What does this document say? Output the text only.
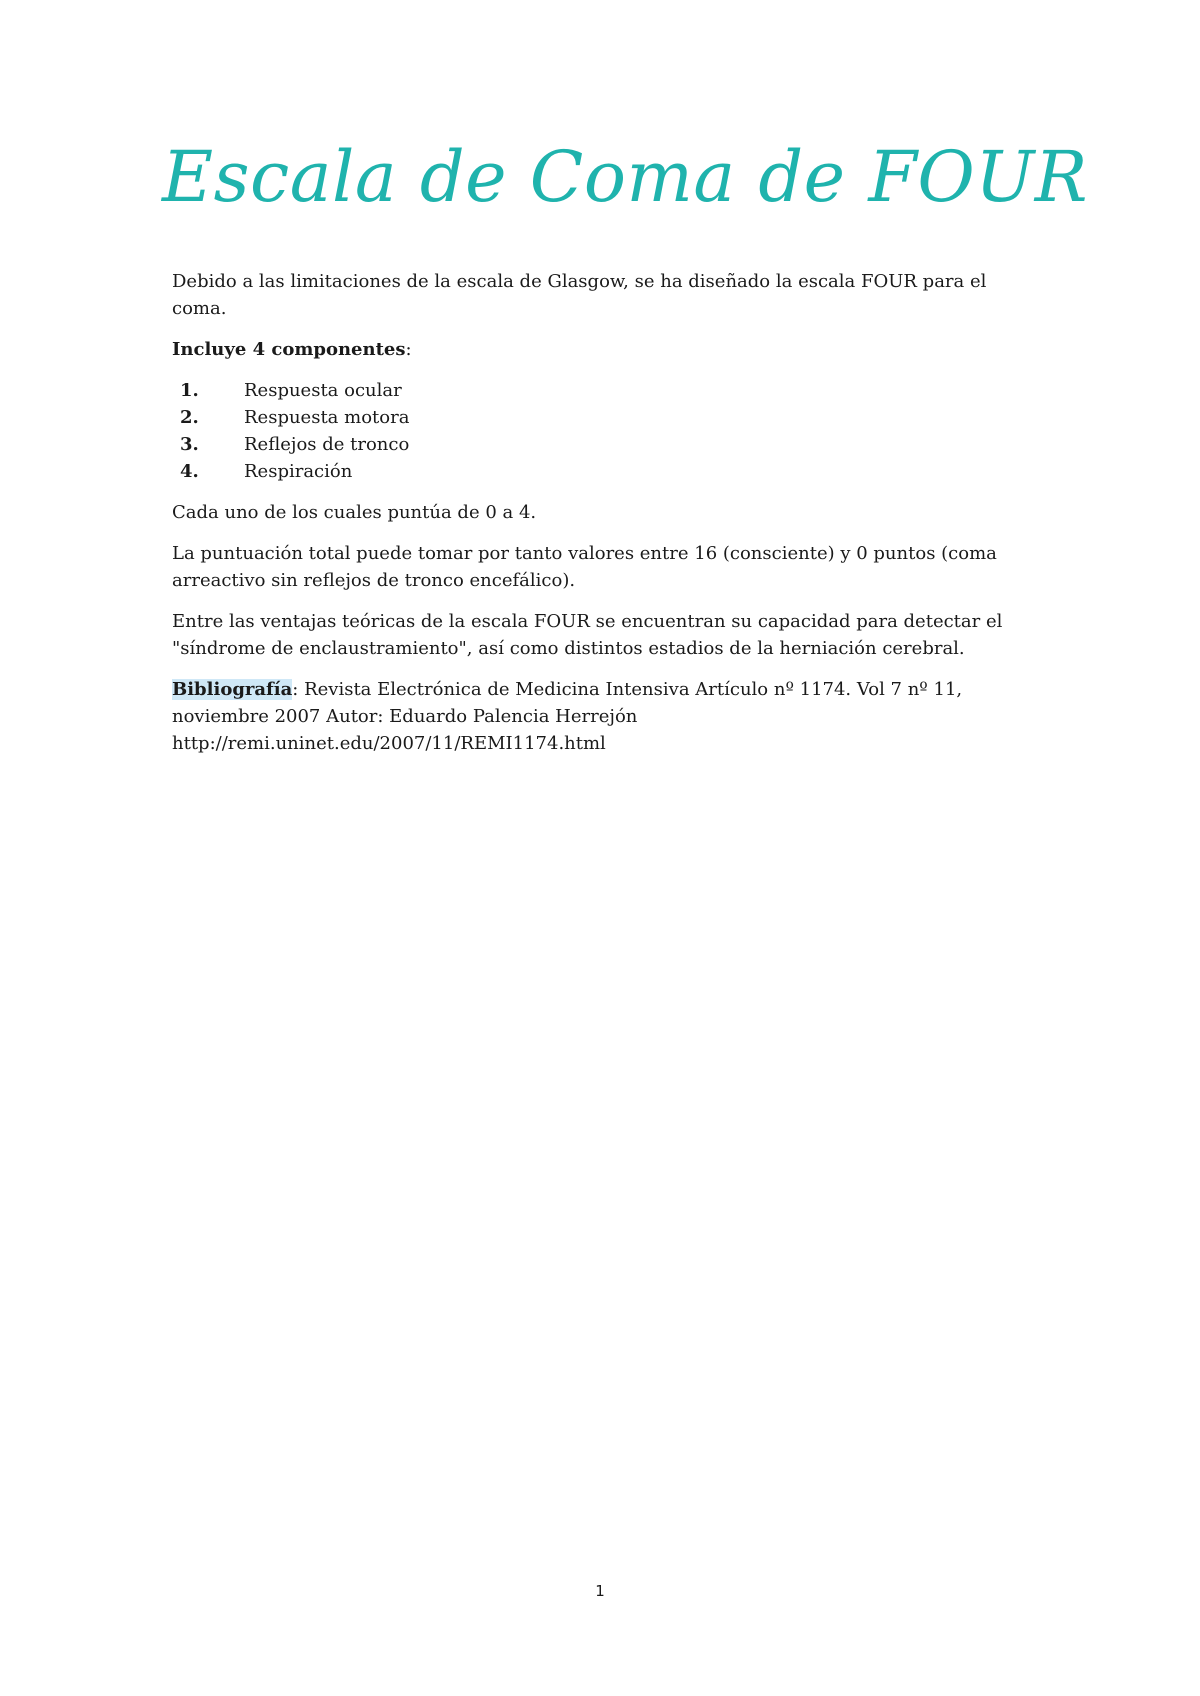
Escala de Coma de FOUR

Debido a las limitaciones de la escala de Glasgow, se ha diseñado la escala FOUR para el coma.

Incluye 4 componentes:

1.	Respuesta ocular
2.	Respuesta motora
3.	Reflejos de tronco
4.	Respiración

Cada uno de los cuales puntúa de 0 a 4.

La puntuación total puede tomar por tanto valores entre 16 (consciente) y 0 puntos (coma arreactivo sin reflejos de tronco encefálico).

Entre las ventajas teóricas de la escala FOUR se encuentran su capacidad para detectar el "síndrome de enclaustramiento", así como distintos estadios de la herniación cerebral.

Bibliografía: Revista Electrónica de Medicina Intensiva Artículo nº 1174. Vol 7 nº 11, noviembre 2007 Autor: Eduardo Palencia Herrejón
http://remi.uninet.edu/2007/11/REMI1174.html

1
